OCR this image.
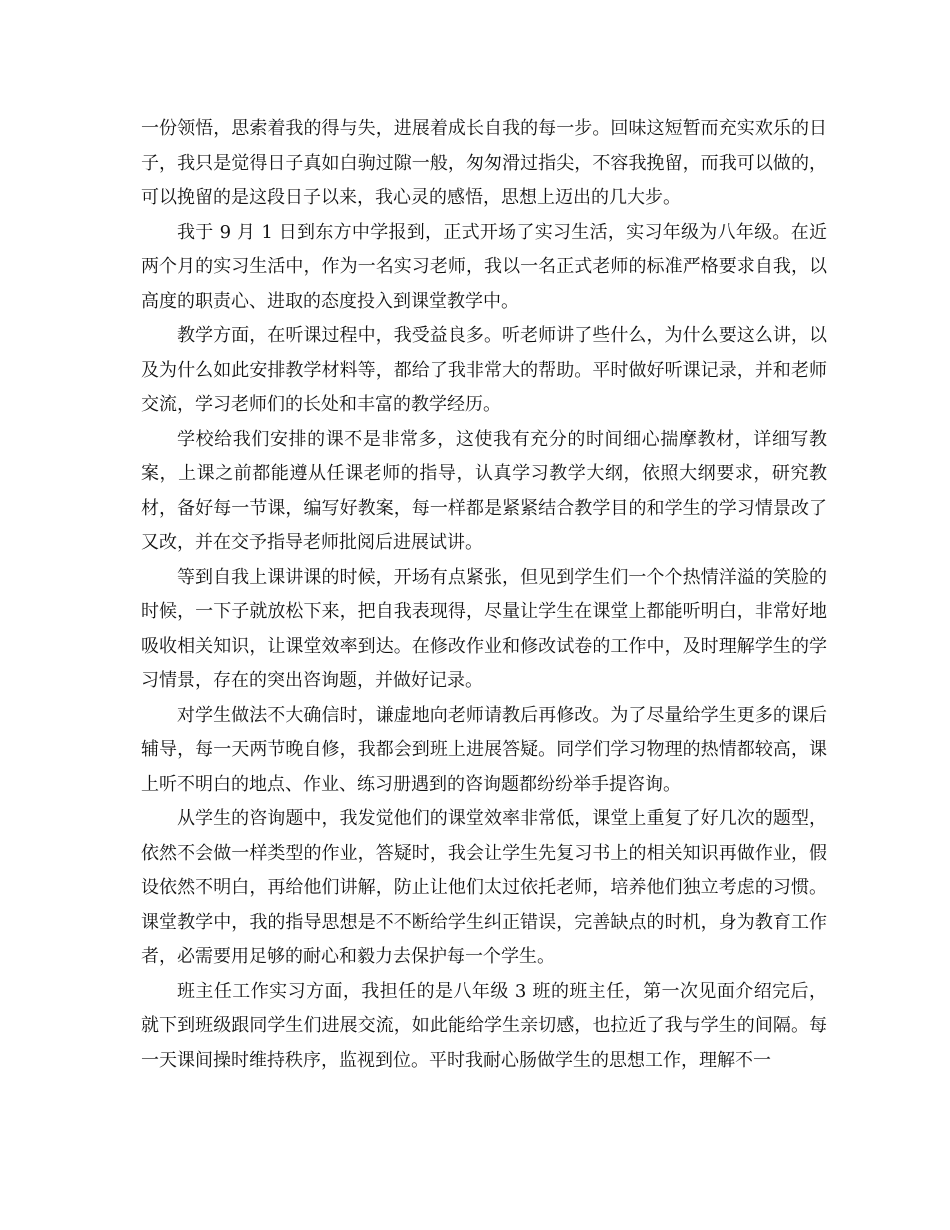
一份领悟，思索着我的得与失，进展着成长自我的每一步。回味这短暂而充实欢乐的日子，我只是觉得日子真如白驹过隙一般，匆匆滑过指尖，不容我挽留，而我可以做的，可以挽留的是这段日子以来，我心灵的感悟，思想上迈出的几大步。

我于 9 月 1 日到东方中学报到，正式开场了实习生活，实习年级为八年级。在近两个月的实习生活中，作为一名实习老师，我以一名正式老师的标准严格要求自我，以高度的职责心、进取的态度投入到课堂教学中。

教学方面，在听课过程中，我受益良多。听老师讲了些什么，为什么要这么讲，以及为什么如此安排教学材料等，都给了我非常大的帮助。平时做好听课记录，并和老师交流，学习老师们的长处和丰富的教学经历。

学校给我们安排的课不是非常多，这使我有充分的时间细心揣摩教材，详细写教案，上课之前都能遵从任课老师的指导，认真学习教学大纲，依照大纲要求，研究教材，备好每一节课，编写好教案，每一样都是紧紧结合教学目的和学生的学习情景改了又改，并在交予指导老师批阅后进展试讲。

等到自我上课讲课的时候，开场有点紧张，但见到学生们一个个热情洋溢的笑脸的时候，一下子就放松下来，把自我表现得，尽量让学生在课堂上都能听明白，非常好地吸收相关知识，让课堂效率到达。在修改作业和修改试卷的工作中，及时理解学生的学习情景，存在的突出咨询题，并做好记录。

对学生做法不大确信时，谦虚地向老师请教后再修改。为了尽量给学生更多的课后辅导，每一天两节晚自修，我都会到班上进展答疑。同学们学习物理的热情都较高，课上听不明白的地点、作业、练习册遇到的咨询题都纷纷举手提咨询。

从学生的咨询题中，我发觉他们的课堂效率非常低，课堂上重复了好几次的题型，依然不会做一样类型的作业，答疑时，我会让学生先复习书上的相关知识再做作业，假设依然不明白，再给他们讲解，防止让他们太过依托老师，培养他们独立考虑的习惯。课堂教学中，我的指导思想是不不断给学生纠正错误，完善缺点的时机，身为教育工作者，必需要用足够的耐心和毅力去保护每一个学生。

班主任工作实习方面，我担任的是八年级 3 班的班主任，第一次见面介绍完后，就下到班级跟同学生们进展交流，如此能给学生亲切感，也拉近了我与学生的间隔。每一天课间操时维持秩序，监视到位。平时我耐心肠做学生的思想工作，理解不一
